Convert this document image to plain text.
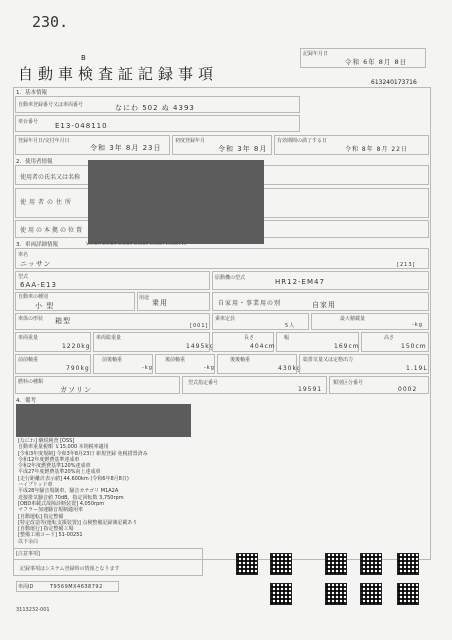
230.
B
自動車検査証記録事項
記録年月日
令和 6年 8月 8日
613240173716
1．基本情報
自動車登録番号又は車両番号	なにわ 502 ぬ 4393
車台番号 E13-048110
登録年月日/交付年月日
令和 3年 8月 23日
初度登録年月
令和 3年 8月
有効期間の満了する日
令和 8年 8月 22日
2．使用者情報
使用者の氏名又は名称
使用者の住所
使用の本拠の位置
3．車両詳細情報	VAMOR VAMOR VAMOR VAMOR VAMOR VAMOR Vs
車名
ニッサン	[213]
型式
6AA-E13
原動機の型式	HR12-EM47
自動車の種別
小 型
用途
乗用	自家用・事業用の別	自家用
車体の形状 箱型
[001]
乗車定員
5人
最大積載量
-kg
車両重量
1220kg
車両総重量
1495kg
長さ
404cm
幅
169cm
高さ
150cm
前前軸重
790kg
前後軸重
-kg
後前軸重
-kg
後後軸重
430kg
総排気量又は定格出力
1.19L
燃料の種類
ガソリン
型式指定番号
19591
類別区分番号
0002
4．備考
[なにわ] 継続検査 [OSS]
自動車重量税額 ￥15,000 本則税率適用
[令和3年度規制] 令和3年8月23日 新規登録 免税措置済み
令和12年度燃費基準達成車
令和2年度燃費基準120%達成車
平成27年度燃費基準20%向上達成車
[走行距離計表示値] 44,600km (令和6年8月8日)
ハイブリッド車
平成28年騒音規制車、騒音カテゴリ M1A2A
近接排気騒音値 70dB、指定回転数 3,750rpm
[OBD車載式故障診断装置] 4,050rpm
マフラー加速騒音規制適用車
[自動運転] 指定整備
[特定改造等(運転支援装置)] 点検整備記録簿記載あり
[自動運行] 指定整備工場
[整備工場コード] 51-00251
以下余白
[注意事項]
記録事項はシステム登録時の情報となります
車両ID	T9569MX4638792
3113232-001
